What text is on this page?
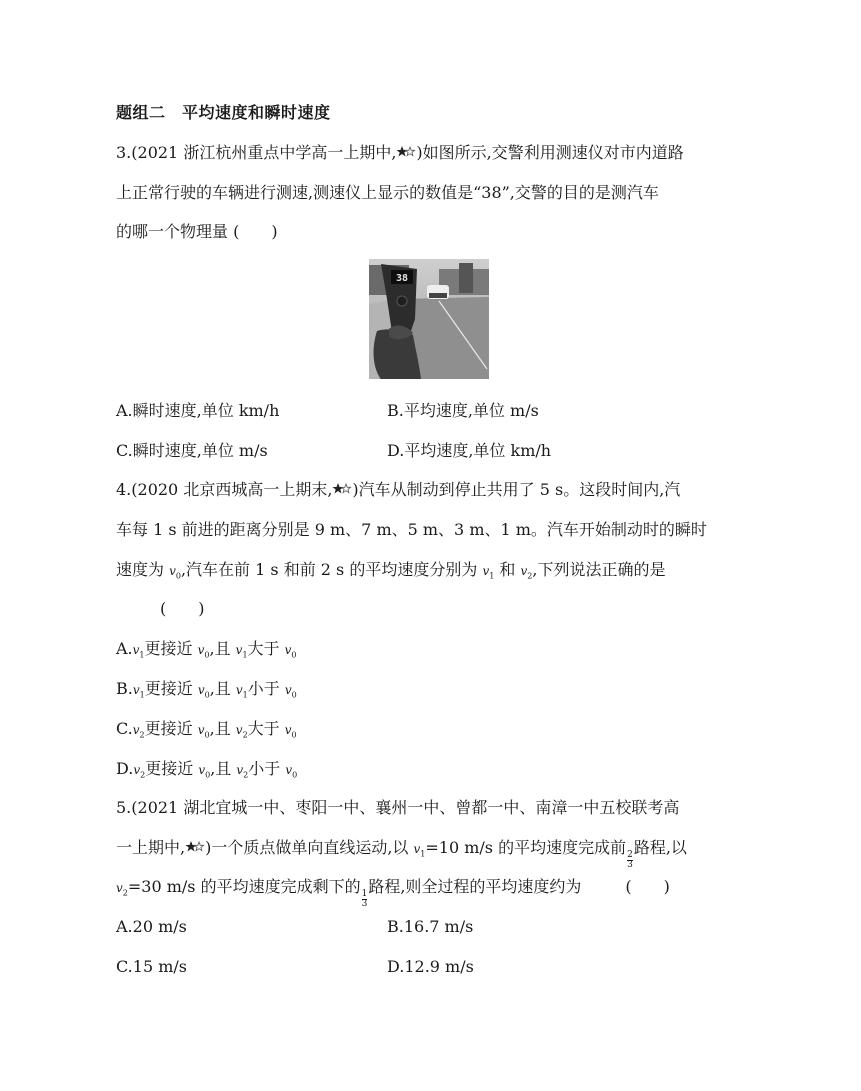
题组二　平均速度和瞬时速度
3.(2021 浙江杭州重点中学高一上期中, )如图所示,交警利用测速仪对市内道路
上正常行驶的车辆进行测速,测速仪上显示的数值是“38”,交警的目的是测汽车
的哪一个物理量 (　　)
38
A.瞬时速度,单位 km/h	B.平均速度,单位 m/s
C.瞬时速度,单位 m/s	D.平均速度,单位 km/h
4.(2020 北京西城高一上期末, )汽车从制动到停止共用了 5 s。这段时间内,汽
车每 1 s 前进的距离分别是 9 m、7 m、5 m、3 m、1 m。汽车开始制动时的瞬时
速度为 $v_0$,汽车在前 1 s 和前 2 s 的平均速度分别为 $v_1$ 和 $v_2$,下列说法正确的是
(　　)
$A.v_1$更接近 $v_0$,且 $v_1$大于 $v_0$
$B.v_1$更接近 $v_0$,且 $v_1$小于 $v_0$
$C.v_2$更接近 $v_0$,且 $v_2$大于 $v_0$
$D.v_2$更接近 $v_0$,且 $v_2$小于 $v_0$
5.(2021 湖北宜城一中、枣阳一中、襄州一中、曾都一中、南漳一中五校联考高
一上期中, )一个质点做单向直线运动,以 $v_1=10$ m/s 的平均速度完成前
$\frac{2}{3}$
路程,以
$v_2=30$ m/s 的平均速度完成剩下的
$\frac{1}{3}$
路程,则全过程的平均速度约为	(　　)
A.20 m/s	B.16.7 m/s
C.15 m/s	D.12.9 m/s
